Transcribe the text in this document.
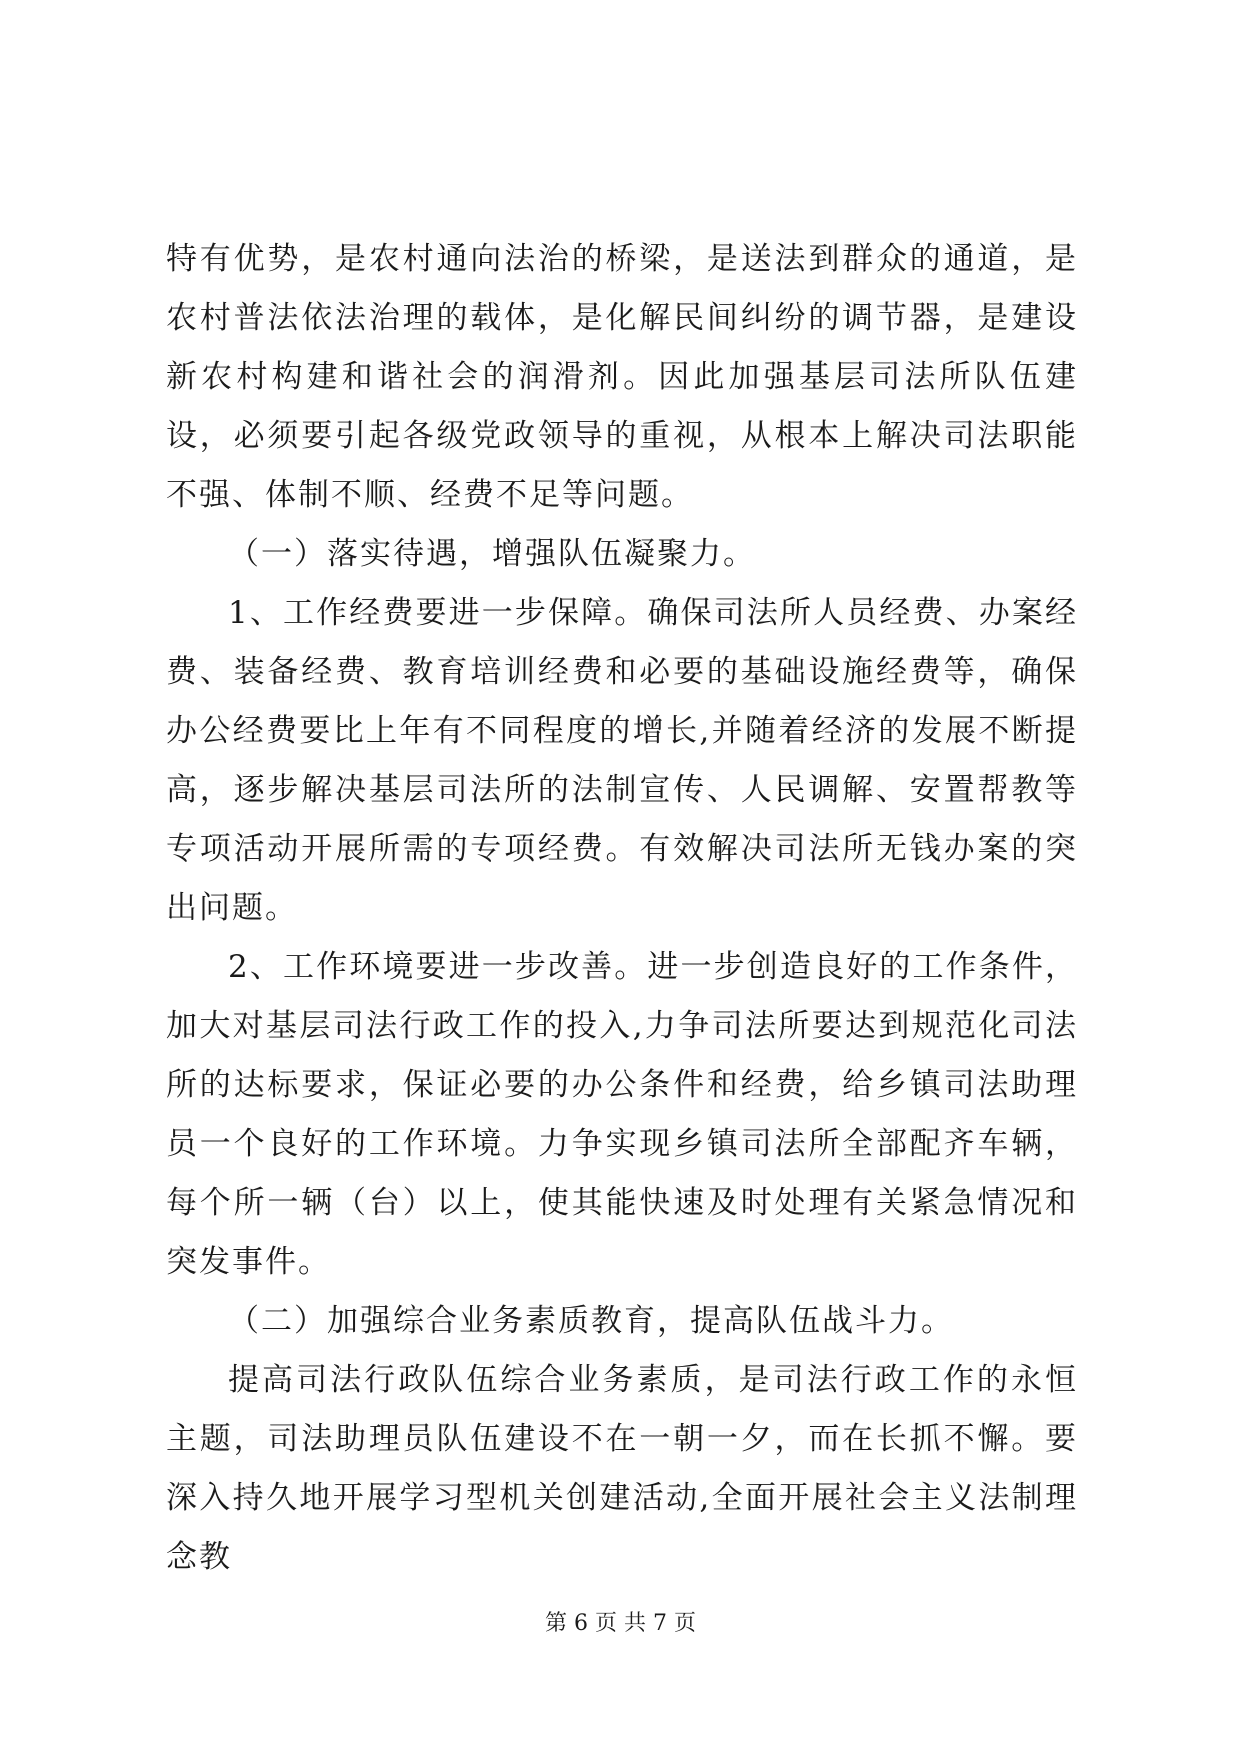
特有优势，是农村通向法治的桥梁，是送法到群众的通道，是农村普法依法治理的载体，是化解民间纠纷的调节器，是建设新农村构建和谐社会的润滑剂。因此加强基层司法所队伍建设，必须要引起各级党政领导的重视，从根本上解决司法职能不强、体制不顺、经费不足等问题。

（一）落实待遇，增强队伍凝聚力。

1、工作经费要进一步保障。确保司法所人员经费、办案经费、装备经费、教育培训经费和必要的基础设施经费等，确保办公经费要比上年有不同程度的增长,并随着经济的发展不断提高，逐步解决基层司法所的法制宣传、人民调解、安置帮教等专项活动开展所需的专项经费。有效解决司法所无钱办案的突出问题。

2、工作环境要进一步改善。进一步创造良好的工作条件，加大对基层司法行政工作的投入,力争司法所要达到规范化司法所的达标要求，保证必要的办公条件和经费，给乡镇司法助理员一个良好的工作环境。力争实现乡镇司法所全部配齐车辆，每个所一辆（台）以上，使其能快速及时处理有关紧急情况和突发事件。

（二）加强综合业务素质教育，提高队伍战斗力。

提高司法行政队伍综合业务素质，是司法行政工作的永恒主题，司法助理员队伍建设不在一朝一夕，而在长抓不懈。要深入持久地开展学习型机关创建活动,全面开展社会主义法制理念教

第 6 页 共 7 页
